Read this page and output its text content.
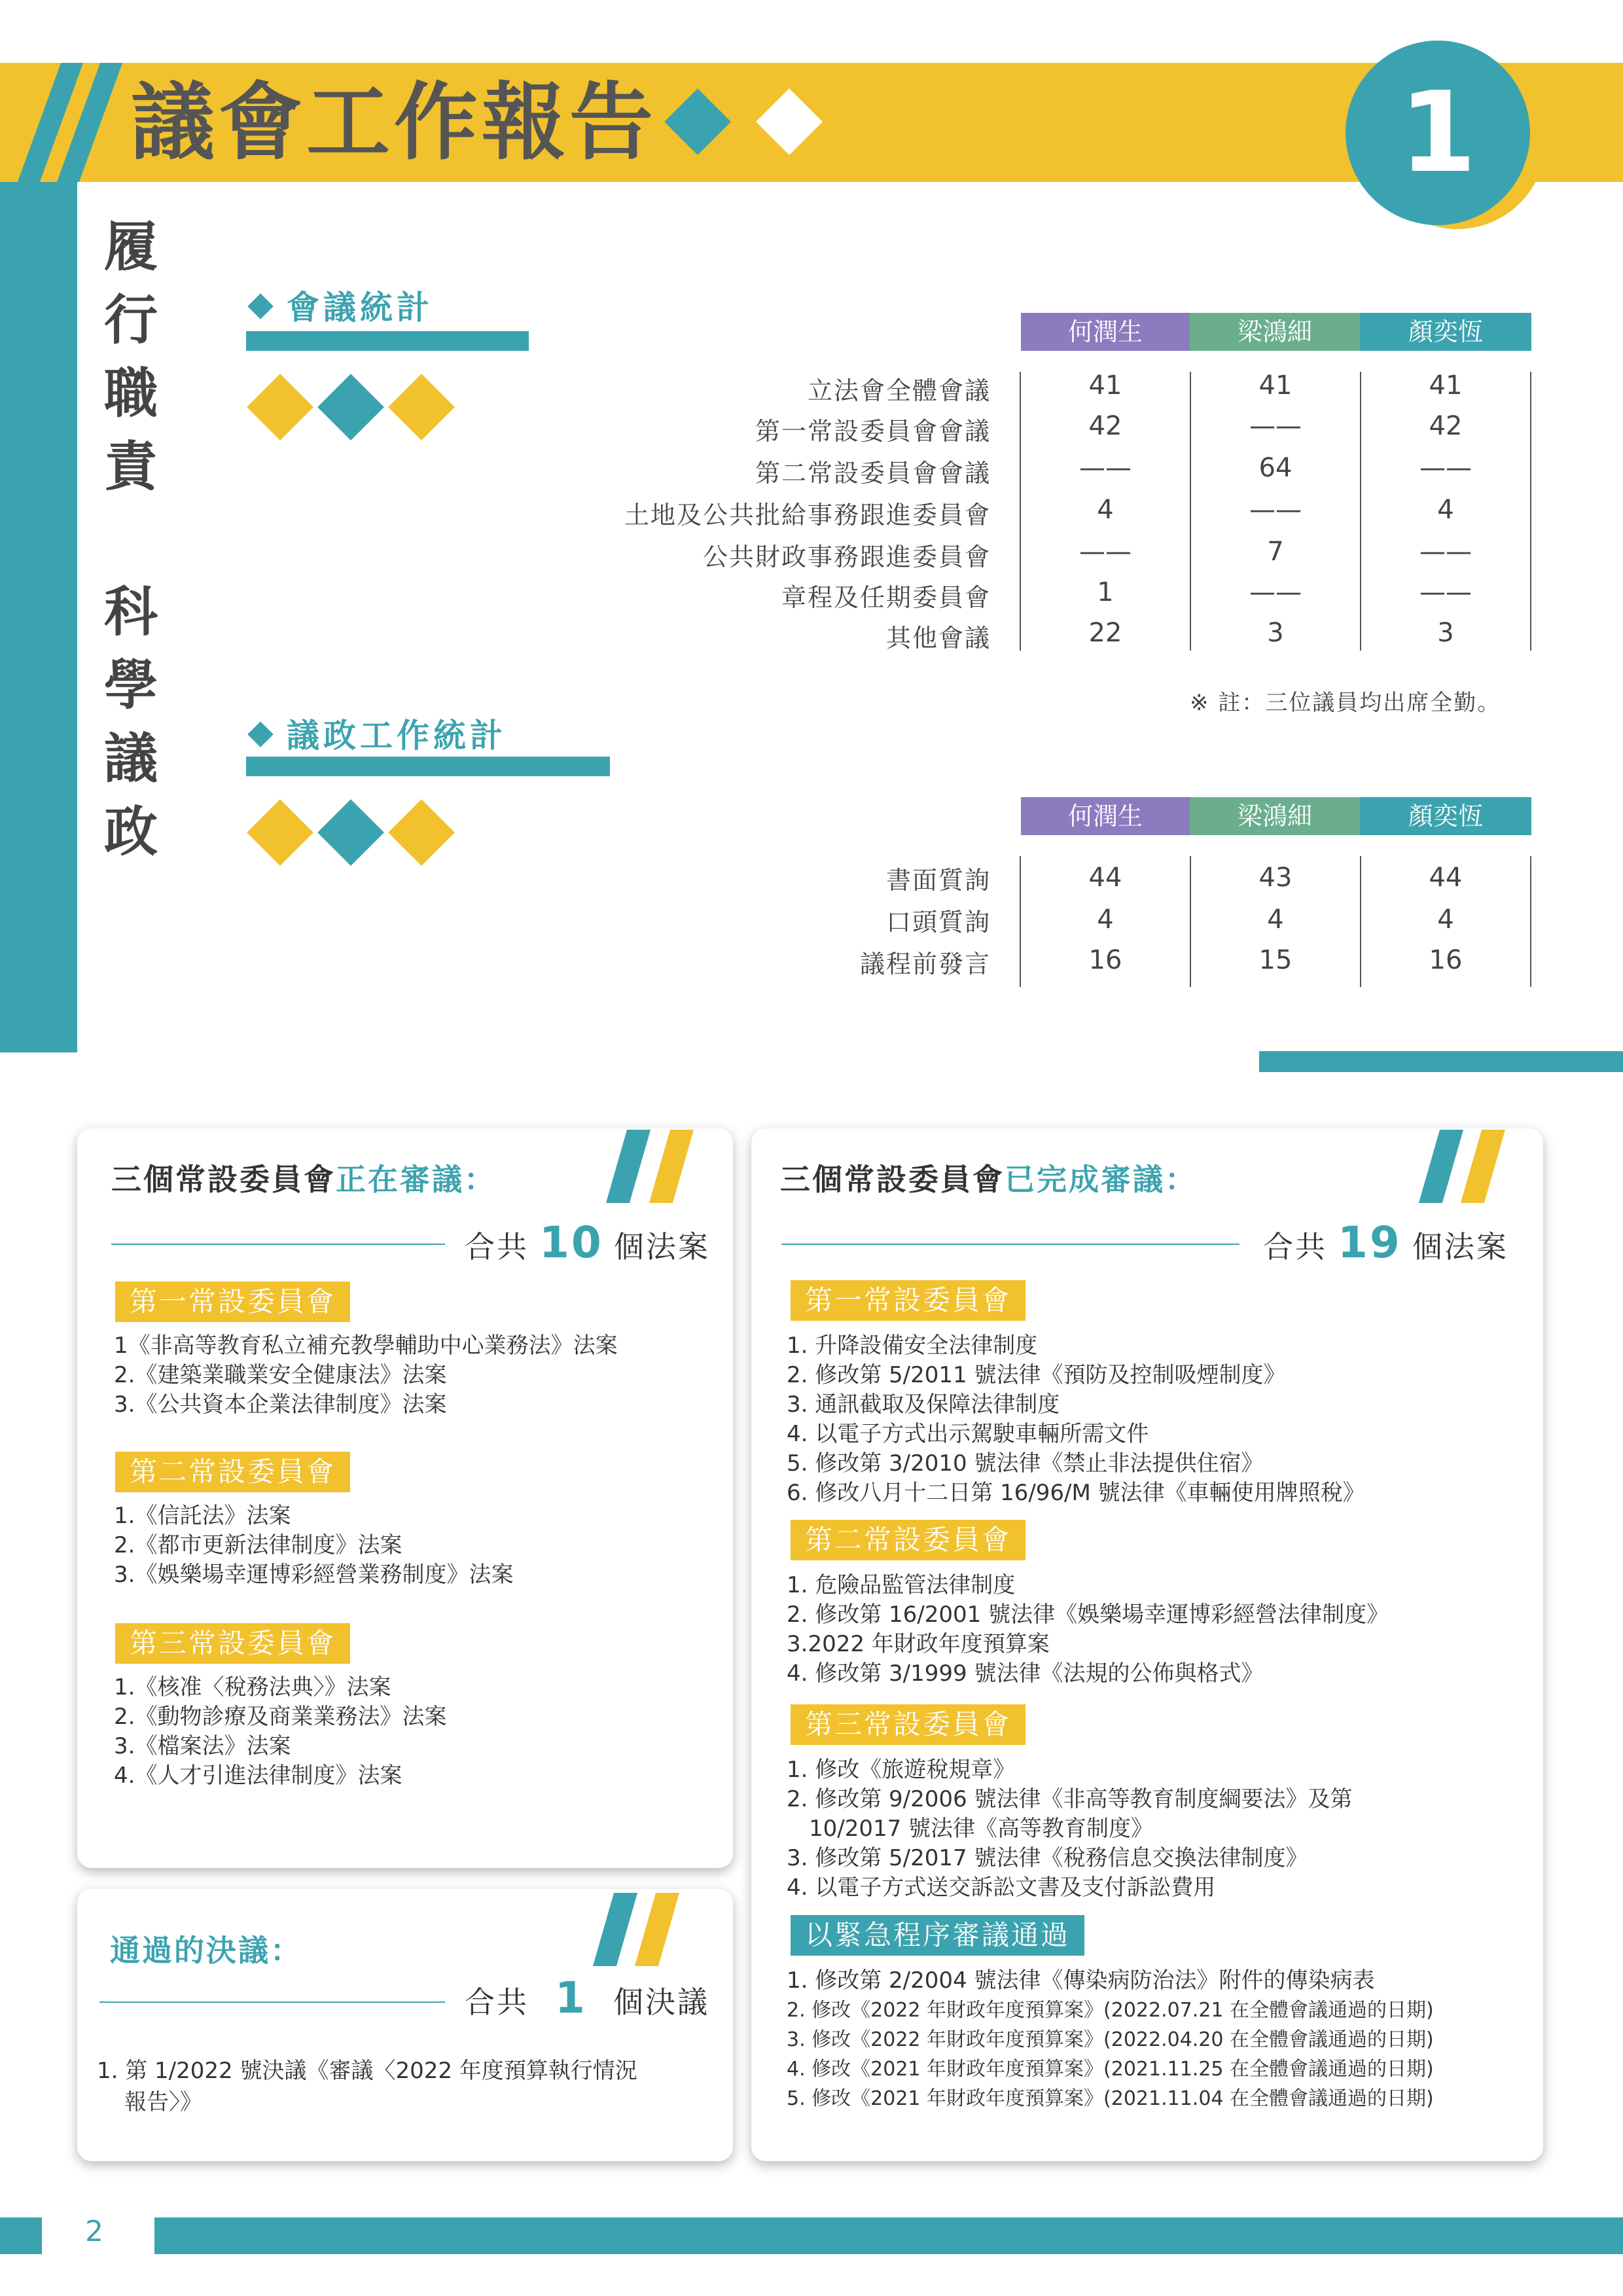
議會工作報告	1
履
行
職
責
科
學
議
政
會議統計
何潤生	梁鴻細	顏奕恆
立法會全體會議	41	41	41
第一常設委員會會議	42	——	42
第二常設委員會會議	——	64	——
土地及公共批給事務跟進委員會	4	——	4
公共財政事務跟進委員會	——	7	——
章程及任期委員會	1	——	——
其他會議	22	3	3
※ 註：三位議員均出席全勤。
議政工作統計
何潤生	梁鴻細	顏奕恆
書面質詢	44	43	44
口頭質詢	4	4	4
議程前發言	16	15	16
三個常設委員會正在審議：
合共 10 個法案
第一常設委員會
1《非高等教育私立補充教學輔助中心業務法》法案
2.《建築業職業安全健康法》法案
3.《公共資本企業法律制度》法案
第二常設委員會
1.《信託法》法案
2.《都市更新法律制度》法案
3.《娛樂場幸運博彩經營業務制度》法案
第三常設委員會
1.《核准〈稅務法典〉》法案
2.《動物診療及商業業務法》法案
3.《檔案法》法案
4.《人才引進法律制度》法案
通過的決議：
合共 1 個決議
1. 第 1/2022 號決議《審議〈2022 年度預算執行情況
報告〉》
三個常設委員會已完成審議：
合共 19 個法案
第一常設委員會
1. 升降設備安全法律制度
2. 修改第 5/2011 號法律《預防及控制吸煙制度》
3. 通訊截取及保障法律制度
4. 以電子方式出示駕駛車輛所需文件
5. 修改第 3/2010 號法律《禁止非法提供住宿》
6. 修改八月十二日第 16/96/M 號法律《車輛使用牌照稅》
第二常設委員會
1. 危險品監管法律制度
2. 修改第 16/2001 號法律《娛樂場幸運博彩經營法律制度》
3.2022 年財政年度預算案
4. 修改第 3/1999 號法律《法規的公佈與格式》
第三常設委員會
1. 修改《旅遊稅規章》
2. 修改第 9/2006 號法律《非高等教育制度綱要法》及第
　10/2017 號法律《高等教育制度》
3. 修改第 5/2017 號法律《稅務信息交換法律制度》
4. 以電子方式送交訴訟文書及支付訴訟費用
以緊急程序審議通過
1. 修改第 2/2004 號法律《傳染病防治法》附件的傳染病表
2. 修改《2022 年財政年度預算案》(2022.07.21 在全體會議通過的日期)
3. 修改《2022 年財政年度預算案》(2022.04.20 在全體會議通過的日期)
4. 修改《2021 年財政年度預算案》(2021.11.25 在全體會議通過的日期)
5. 修改《2021 年財政年度預算案》(2021.11.04 在全體會議通過的日期)
2
